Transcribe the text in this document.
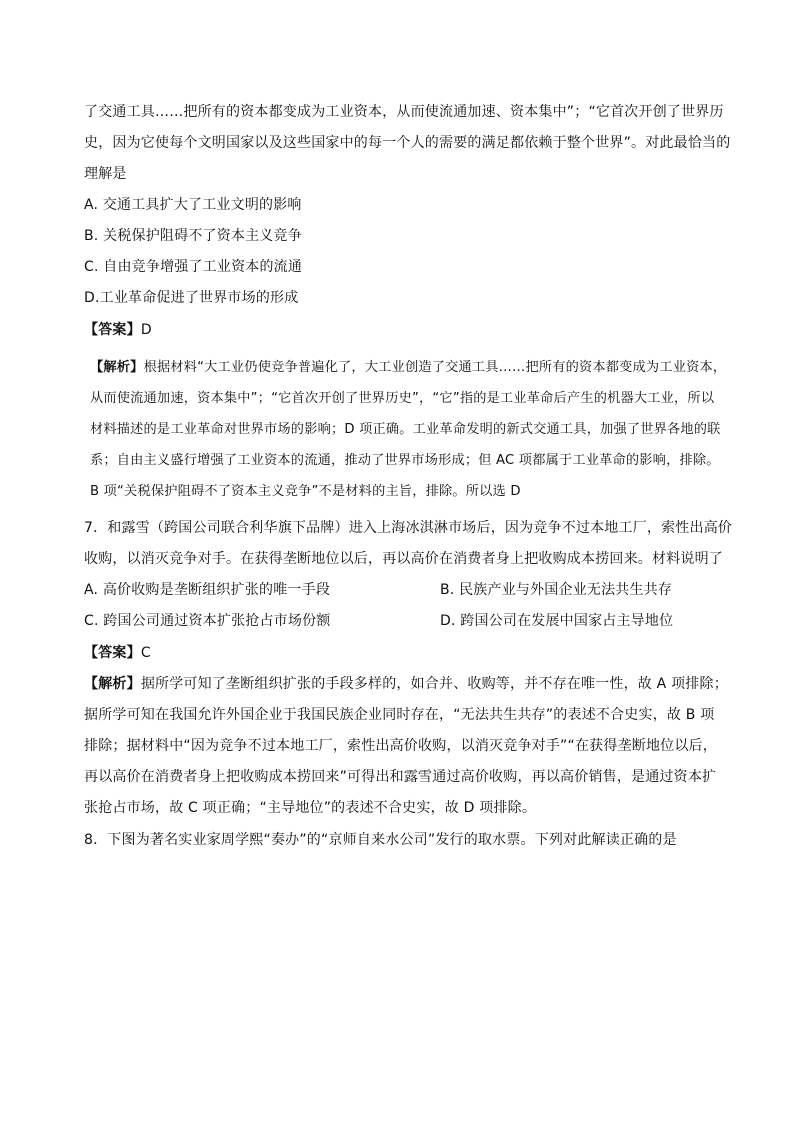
了交通工具……把所有的资本都变成为工业资本，从而使流通加速、资本集中”；“它首次开创了世界历
史，因为它使每个文明国家以及这些国家中的每一个人的需要的满足都依赖于整个世界”。对此最恰当的
理解是
A. 交通工具扩大了工业文明的影响
B. 关税保护阻碍不了资本主义竞争
C. 自由竞争增强了工业资本的流通
D.工业革命促进了世界市场的形成
【答案】D
【解析】根据材料“大工业仍使竞争普遍化了，大工业创造了交通工具……把所有的资本都变成为工业资本，
从而使流通加速，资本集中”；“它首次开创了世界历史”，“它”指的是工业革命后产生的机器大工业，所以
材料描述的是工业革命对世界市场的影响；D 项正确。工业革命发明的新式交通工具，加强了世界各地的联
系；自由主义盛行增强了工业资本的流通，推动了世界市场形成；但 AC 项都属于工业革命的影响，排除。
B 项“关税保护阻碍不了资本主义竞争”不是材料的主旨，排除。所以选 D
7．和露雪（跨国公司联合利华旗下品牌）进入上海冰淇淋市场后，因为竞争不过本地工厂，索性出高价
收购，以消灭竞争对手。在获得垄断地位以后，再以高价在消费者身上把收购成本捞回来。材料说明了
A. 高价收购是垄断组织扩张的唯一手段	B. 民族产业与外国企业无法共生共存
C. 跨国公司通过资本扩张抢占市场份额	D. 跨国公司在发展中国家占主导地位
【答案】C
【解析】据所学可知了垄断组织扩张的手段多样的，如合并、收购等，并不存在唯一性，故 A 项排除；
据所学可知在我国允许外国企业于我国民族企业同时存在，“无法共生共存”的表述不合史实，故 B 项
排除；据材料中“因为竞争不过本地工厂，索性出高价收购，以消灭竞争对手”“在获得垄断地位以后，
再以高价在消费者身上把收购成本捞回来”可得出和露雪通过高价收购，再以高价销售，是通过资本扩
张抢占市场，故 C 项正确；“主导地位”的表述不合史实，故 D 项排除。
8．下图为著名实业家周学熙“奏办”的“京师自来水公司”发行的取水票。下列对此解读正确的是
